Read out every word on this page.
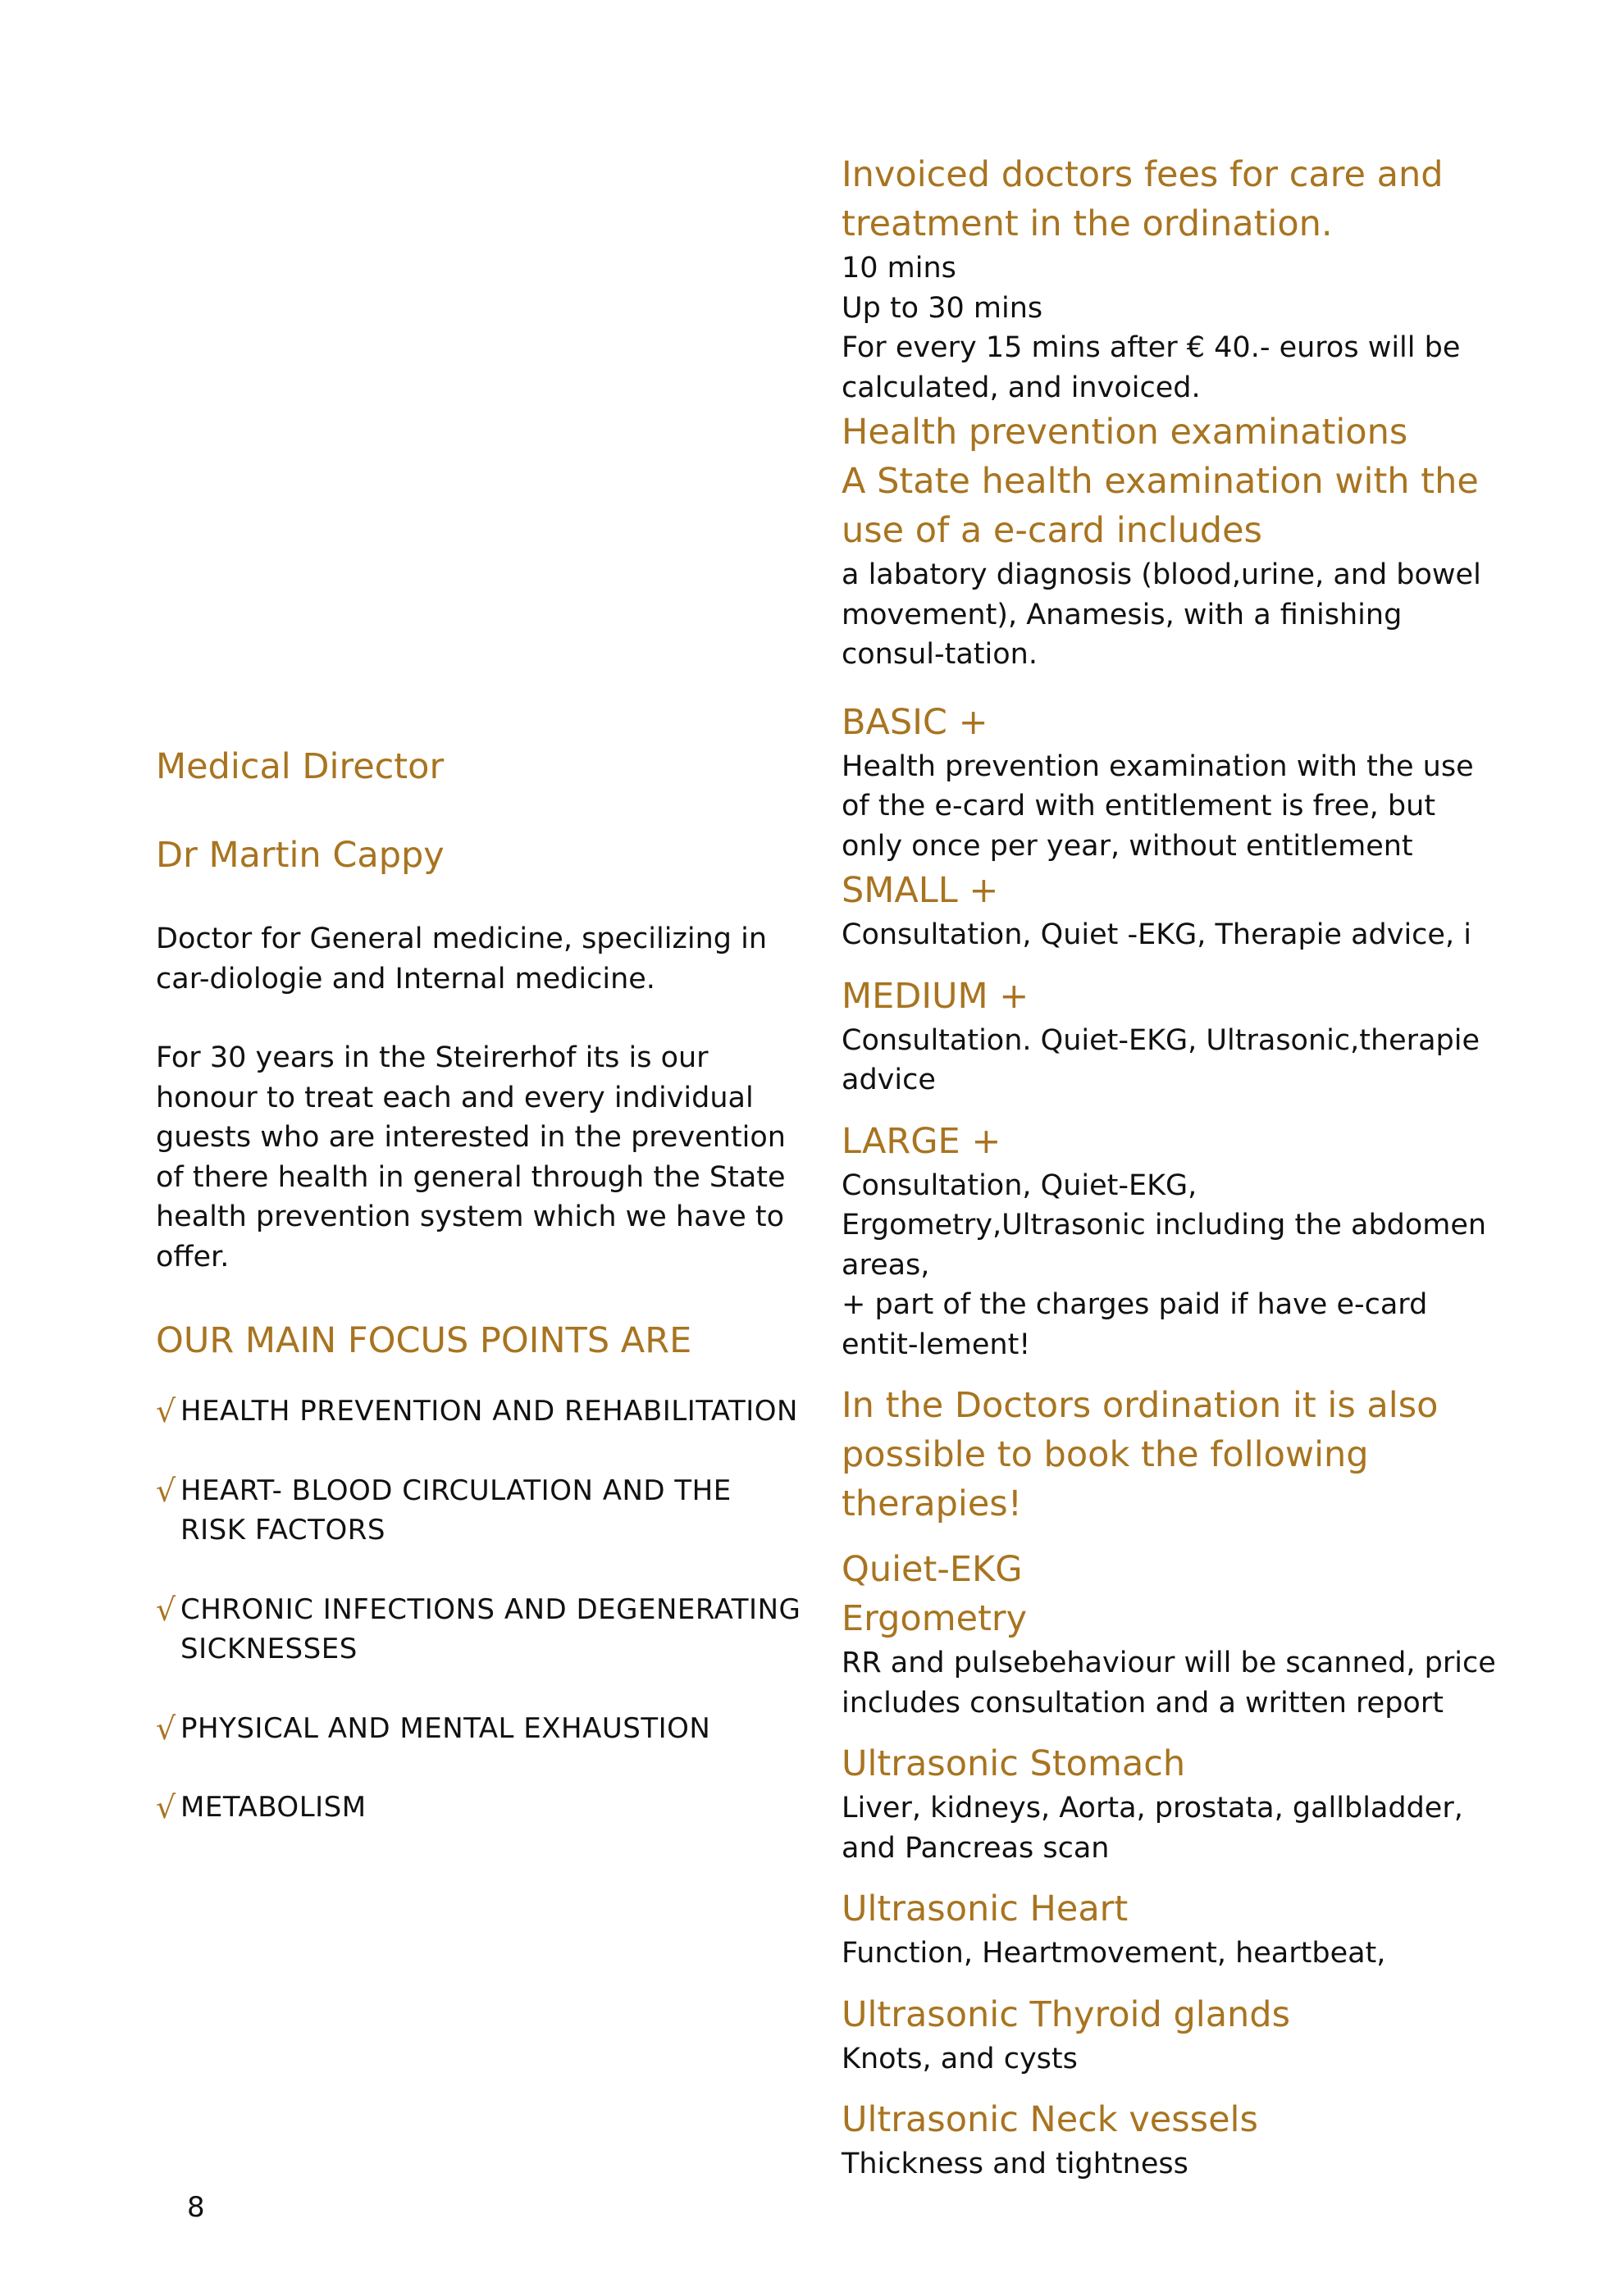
Medical Director
Dr Martin Cappy

Doctor for General medicine, specilizing in car-diologie and Internal medicine.

For 30 years in the Steirerhof its is our honour to treat each and every individual guests who are interested in the prevention of there health in general through the State health prevention system which we have to offer.

OUR MAIN FOCUS POINTS ARE
√ HEALTH PREVENTION AND REHABILITATION
√ HEART- BLOOD CIRCULATION AND THE RISK FACTORS
√ CHRONIC INFECTIONS AND DEGENERATING SICKNESSES
√ PHYSICAL AND MENTAL EXHAUSTION
√ METABOLISM
Invoiced doctors fees for care and treatment in the ordination.

10 mins

Up to 30 mins

For every 15 mins after € 40.- euros will be calculated, and invoiced.

Health prevention examinations
A State health examination with the use of a e-card includes

a labatory diagnosis (blood,urine, and bowel movement), Anamesis, with a finishing consul-tation.

BASIC +

Health prevention examination with the use of the e-card with entitlement is free, but only once per year, without entitlement

SMALL +

Consultation, Quiet -EKG, Therapie advice, i

MEDIUM +

Consultation. Quiet-EKG, Ultrasonic,therapie advice

LARGE +

Consultation, Quiet-EKG, Ergometry,Ultrasonic including the abdomen areas,

+ part of the charges paid if have e-card entit-lement!

In the Doctors ordination it is also possible to book the following therapies!
Quiet-EKG
Ergometry

RR and pulsebehaviour will be scanned, price includes consultation and a written report

Ultrasonic Stomach

Liver, kidneys, Aorta, prostata, gallbladder, and Pancreas scan

Ultrasonic Heart

Function, Heartmovement, heartbeat,

Ultrasonic Thyroid glands

Knots, and cysts

Ultrasonic Neck vessels

Thickness and tightness

8
